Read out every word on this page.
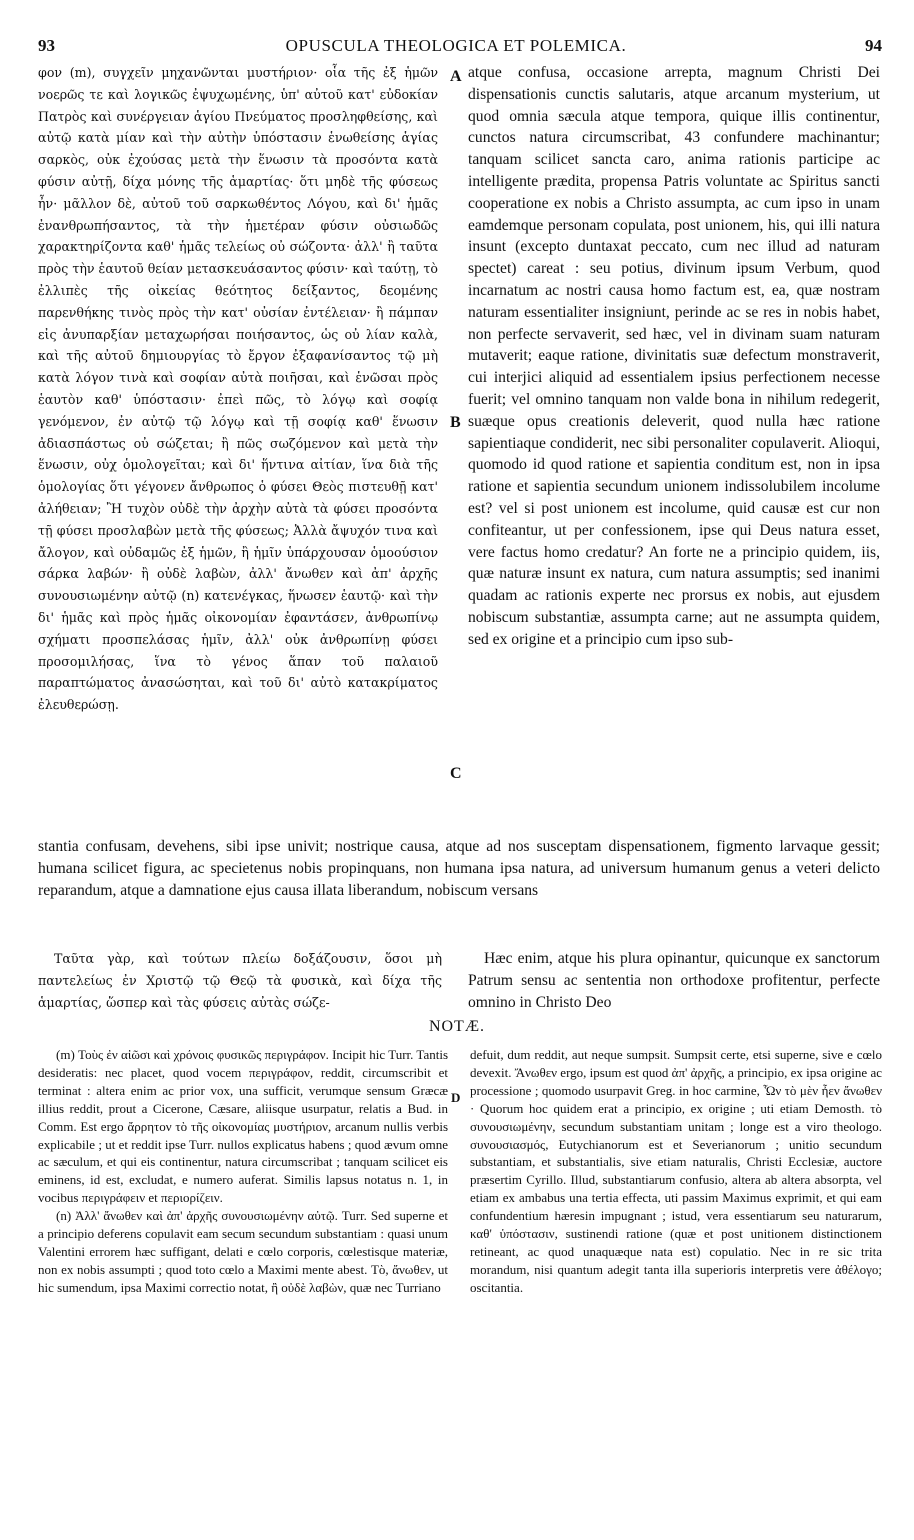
93	OPUSCULA THEOLOGICA ET POLEMICA.	94

φον (m), συγχεῖν μηχανῶνται μυστήριον· οἷα τῆς ἐξ ἡμῶν νοερῶς τε καὶ λογικῶς ἐψυχωμένης, ὑπ' αὐτοῦ κατ' εὐδοκίαν Πατρὸς καὶ συνέργειαν ἁγίου Πνεύματος προσληφθείσης, καὶ αὐτῷ κατὰ μίαν καὶ τὴν αὐτὴν ὑπόστασιν ἑνωθείσης ἁγίας σαρκὸς, οὐκ ἐχούσας μετὰ τὴν ἕνωσιν τὰ προσόντα κατὰ φύσιν αὐτῇ, δίχα μόνης τῆς ἁμαρτίας· ὅτι μηδὲ τῆς φύσεως ἦν· μᾶλλον δὲ, αὐτοῦ τοῦ σαρκωθέντος Λόγου, καὶ δι' ἡμᾶς ἐνανθρωπήσαντος, τὰ τὴν ἡμετέραν φύσιν οὐσιωδῶς χαρακτηρίζοντα καθ' ἡμᾶς τελείως οὐ σώζοντα· ἀλλ' ἢ ταῦτα πρὸς τὴν ἑαυτοῦ θείαν μετασκευάσαντος φύσιν· καὶ ταύτῃ, τὸ ἐλλιπὲς τῆς οἰκείας θεότητος δείξαντος, δεομένης παρενθήκης τινὸς πρὸς τὴν κατ' οὐσίαν ἐντέλειαν· ἢ πάμπαν εἰς ἀνυπαρξίαν μεταχωρήσαι ποιήσαντος, ὡς οὐ λίαν καλὰ, καὶ τῆς αὐτοῦ δημιουργίας τὸ ἔργον ἐξαφανίσαντος τῷ μὴ κατὰ λόγον τινὰ καὶ σοφίαν αὐτὰ ποιῆσαι, καὶ ἑνῶσαι πρὸς ἑαυτὸν καθ' ὑπόστασιν· ἐπεὶ πῶς, τὸ λόγῳ καὶ σοφίᾳ γενόμενον, ἐν αὐτῷ τῷ λόγῳ καὶ τῇ σοφίᾳ καθ' ἕνωσιν ἀδιασπάστως οὐ σώζεται; ἢ πῶς σωζόμενον καὶ μετὰ τὴν ἕνωσιν, οὐχ ὁμολογεῖται; καὶ δι' ἥντινα αἰτίαν, ἵνα διὰ τῆς ὁμολογίας ὅτι γέγονεν ἄνθρωπος ὁ φύσει Θεὸς πιστευθῇ κατ' ἀλήθειαν; Ἢ τυχὸν οὐδὲ τὴν ἀρχὴν αὐτὰ τὰ φύσει προσόντα τῇ φύσει προσλαβὼν μετὰ τῆς φύσεως; Ἀλλὰ ἄψυχόν τινα καὶ ἄλογον, καὶ οὐδαμῶς ἐξ ἡμῶν, ἢ ἡμῖν ὑπάρχουσαν ὁμοούσιον σάρκα λαβών· ἢ οὐδὲ λαβὼν, ἀλλ' ἄνωθεν καὶ ἀπ' ἀρχῆς συνουσιωμένην αὐτῷ (n) κατενέγκας, ἥνωσεν ἑαυτῷ· καὶ τὴν δι' ἡμᾶς καὶ πρὸς ἡμᾶς οἰκονομίαν ἐφαντάσεν, ἀνθρωπίνῳ σχήματι προσπελάσας ἡμῖν, ἀλλ' οὐκ ἀνθρωπίνῃ φύσει προσομιλήσας, ἵνα τὸ γένος ἅπαν τοῦ παλαιοῦ παραπτώματος ἀνασώσηται, καὶ τοῦ δι' αὐτὸ κατακρίματος ἐλευθερώσῃ.

A
B
C

atque confusa, occasione arrepta, magnum Christi Dei dispensationis cunctis salutaris, atque arcanum mysterium, ut quod omnia sæcula atque tempora, quique illis continentur, cunctos natura circumscribat, 43 confundere machinantur; tanquam scilicet sancta caro, anima rationis participe ac intelligente prædita, propensa Patris voluntate ac Spiritus sancti cooperatione ex nobis a Christo assumpta, ac cum ipso in unam eamdemque personam copulata, post unionem, his, qui illi natura insunt (excepto duntaxat peccato, cum nec illud ad naturam spectet) careat : seu potius, divinum ipsum Verbum, quod incarnatum ac nostri causa homo factum est, ea, quæ nostram naturam essentialiter insigniunt, perinde ac se res in nobis habet, non perfecte servaverit, sed hæc, vel in divinam suam naturam mutaverit; eaque ratione, divinitatis suæ defectum monstraverit, cui interjici aliquid ad essentialem ipsius perfectionem necesse fuerit; vel omnino tanquam non valde bona in nihilum redegerit, suæque opus creationis deleverit, quod nulla hæc ratione sapientiaque condiderit, nec sibi personaliter copulaverit. Alioqui, quomodo id quod ratione et sapientia conditum est, non in ipsa ratione et sapientia secundum unionem indissolubilem incolume est? vel si post unionem est incolume, quid causæ est cur non confiteantur, ut per confessionem, ipse qui Deus natura esset, vere factus homo credatur? An forte ne a principio quidem, iis, quæ naturæ insunt ex natura, cum natura assumptis; sed inanimi quadam ac rationis expertе nec prorsus ex nobis, aut ejusdem nobiscum substantiæ, assumpta carne; aut ne assumpta quidem, sed ex origine et a principio cum ipso sub-

stantia confusam, devehens, sibi ipse univit; nostrique causa, atque ad nos susceptam dispensationem, figmento larvaque gessit; humana scilicet figura, ac specietenus nobis propinquans, non humana ipsa natura, ad universum humanum genus a veteri delicto reparandum, atque a damnatione ejus causa illata liberandum, nobiscum versans
Ταῦτα γὰρ, καὶ τούτων πλείω δοξάζουσιν, ὅσοι μὴ παντελείως ἐν Χριστῷ τῷ Θεῷ τὰ φυσικὰ, καὶ δίχα τῆς ἁμαρτίας, ὥσπερ καὶ τὰς φύσεις αὐτὰς σώζε-
Hæc enim, atque his plura opinantur, quicunque ex sanctorum Patrum sensu ac sententia non orthodoxe profitentur, perfecte omnino in Christo Deo
NOTÆ.

(m) Τοὺς ἐν αἰῶσι καὶ χρόνοις φυσικῶς περιγράφον. Incipit hic Turr. Tantis desideratis: nec placet, quod vocem περιγράφον, reddit, circumscribit et terminat : altera enim ac prior vox, una sufficit, verumque sensum Græcæ illius reddit, prout a Cicerone, Cæsare, aliisque usurpatur, relatis a Bud. in Comm. Est ergo ἄρρητον τὸ τῆς οἰκονομίας μυστήριον, arcanum nullis verbis explicabile ; ut et reddit ipse Turr. nullos explicatus habens ; quod ævum omne ac sæculum, et qui eis continentur, natura circumscribat ; tanquam scilicet eis eminens, id est, excludat, e numero auferat. Similis lapsus notatus n. 1, in vocibus περιγράφειν et περιορίζειν.

(n) Ἀλλ' ἄνωθεν καὶ ἀπ' ἀρχῆς συνουσιωμένην αὐτῷ. Turr. Sed superne et a principio deferens copulavit eam secum secundum substantiam : quasi unum Valentini errorem hæc suffigant, delati e cœlo corporis, cœlestisque materiæ, non ex nobis assumpti ; quod toto cœlo a Maximi mente abest. Τὸ, ἄνωθεν, ut hic sumendum, ipsa Maximi correctio notat, ἢ οὐδὲ λαβὼν, quæ nec Turriano

D

defuit, dum reddit, aut neque sumpsit. Sumpsit certe, etsi superne, sive e cœlo devexit. Ἄνωθεν ergo, ipsum est quod ἀπ' ἀρχῆς, a principio, ex ipsa origine ac processione ; quomodo usurpavit Greg. in hoc carmine, Ὧν τὸ μὲν ἦεν ἄνωθεν · Quorum hoc quidem erat a principio, ex origine ; uti etiam Demosth. τὸ συνουσιωμένην, secundum substantiam unitam ; longe est a viro theologo. συνουσιασμός, Eutychianorum est et Severianorum ; unitio secundum substantiam, et substantialis, sive etiam naturalis, Christi Ecclesiæ, auctore præsertim Cyrillo. Illud, substantiarum confusio, altera ab altera absorpta, vel etiam ex ambabus una tertia effecta, uti passim Maximus exprimit, et qui eam confundentium hæresin impugnant ; istud, vera essentiarum seu naturarum, καθ' ὑπόστασιν, sustinendi ratione (quæ et post unitionem distinctionem retineant, ac quod unaquæque nata est) copulatio. Nec in re sic trita morandum, nisi quantum adegit tanta illa superioris interpretis vere ἀθέλογο; oscitantia.
